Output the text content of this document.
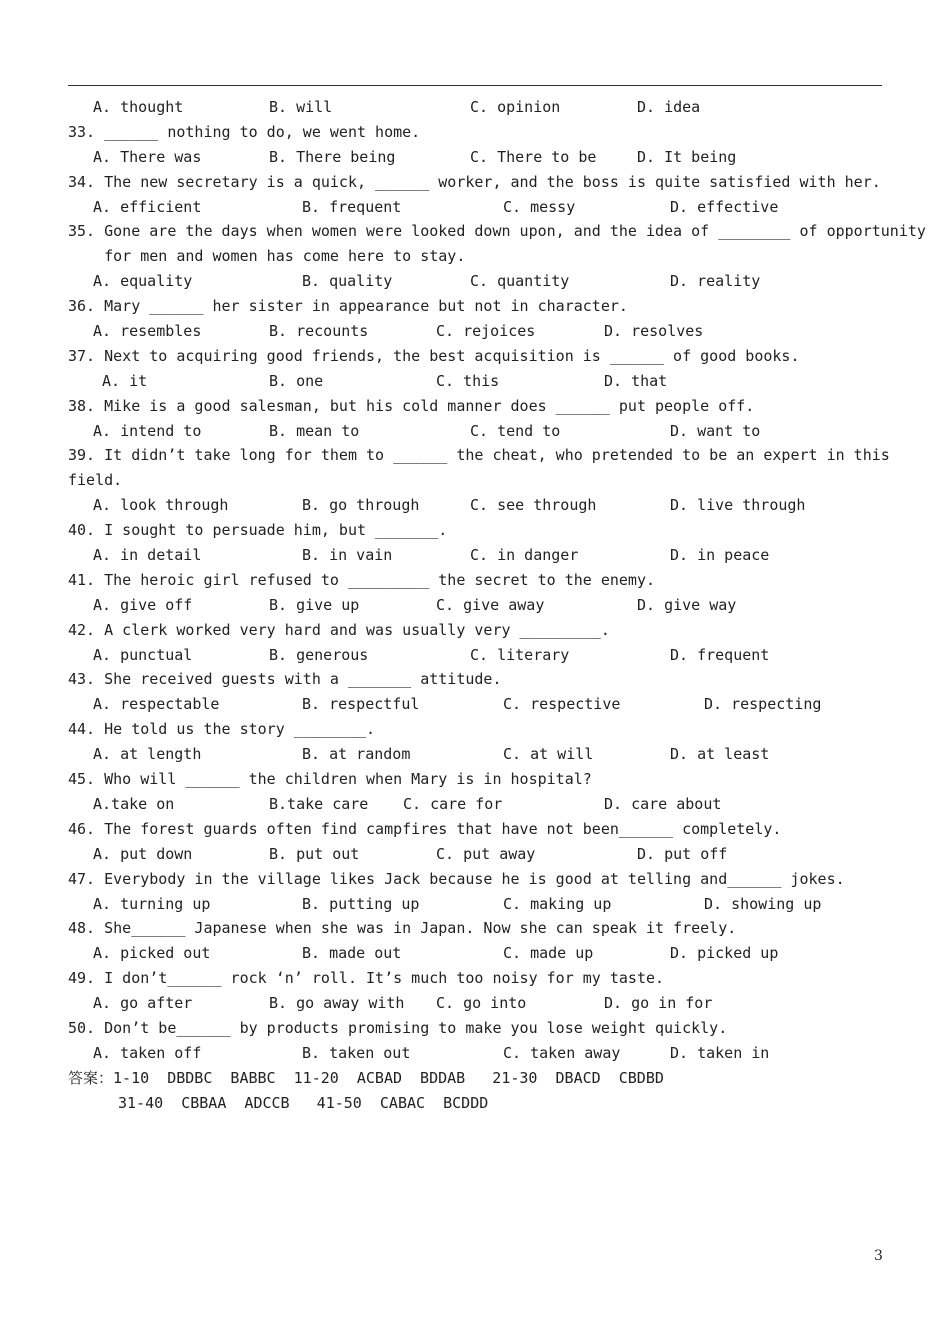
A. thought	B. will	C. opinion	D. idea
33. ______ nothing to do, we went home.
A. There was	B. There being	C. There to be	D. It being
34. The new secretary is a quick, ______ worker, and the boss is quite satisfied with her.
A. efficient	B. frequent	C. messy	D. effective
35. Gone are the days when women were looked down upon, and the idea of ________ of opportunity
for men and women has come here to stay.
A. equality	B. quality	C. quantity	D. reality
36. Mary ______ her sister in appearance but not in character.
A. resembles	B. recounts	C. rejoices	D. resolves
37. Next to acquiring good friends, the best acquisition is ______ of good books.
A. it	B. one	C. this	D. that
38. Mike is a good salesman, but his cold manner does ______ put people off.
A. intend to	B. mean to	C. tend to	D. want to
39. It didn’t take long for them to ______ the cheat, who pretended to be an expert in this
field.
A. look through	B. go through	C. see through	D. live through
40. I sought to persuade him, but _______.
A. in detail	B. in vain	C. in danger	D. in peace
41. The heroic girl refused to _________ the secret to the enemy.
A. give off	B. give up	C. give away	D. give way
42. A clerk worked very hard and was usually very _________.
A. punctual	B. generous	C. literary	D. frequent
43. She received guests with a _______ attitude.
A. respectable	B. respectful	C. respective	D. respecting
44. He told us the story ________.
A. at length	B. at random	C. at will	D. at least
45. Who will ______ the children when Mary is in hospital?
A.take on	B.take care C. care for	D. care about
46. The forest guards often find campfires that have not been______ completely.
A. put down	B. put out	C. put away	D. put off
47. Everybody in the village likes Jack because he is good at telling and______ jokes.
A. turning up	B. putting up	C. making up	D. showing up
48. She______ Japanese when she was in Japan. Now she can speak it freely.
A. picked out	B. made out	C. made up	D. picked up
49. I don’t______ rock ‘n’ roll. It’s much too noisy for my taste.
A. go after	B. go away with C. go into	D. go in for
50. Don’t be______ by products promising to make you lose weight quickly.
A. taken off	B. taken out	C. taken away	D. taken in
答案：1-10  DBDBC  BABBC  11-20  ACBAD  BDDAB   21-30  DBACD  CBDBD
31-40  CBBAA  ADCCB   41-50  CABAC  BCDDD
3
